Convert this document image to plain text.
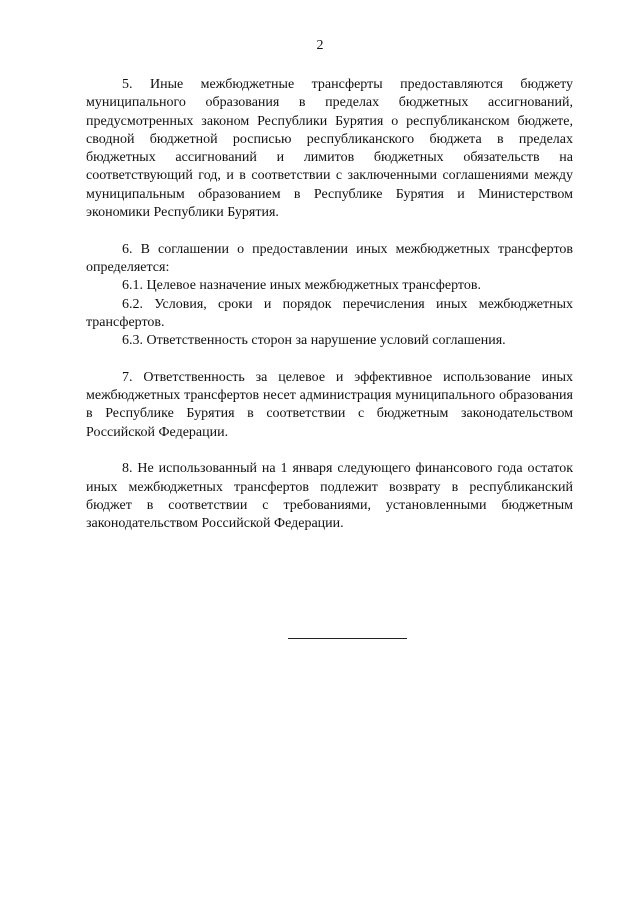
2

5. Иные межбюджетные трансферты предоставляются бюджету муниципального образования в пределах бюджетных ассигнований, предусмотренных законом Республики Бурятия о республиканском бюджете, сводной бюджетной росписью республиканского бюджета в пределах бюджетных ассигнований и лимитов бюджетных обязательств на соответствующий год, и в соответствии с заключенными соглашениями между муниципальным образованием в Республике Бурятия и Министерством экономики Республики Бурятия.

6. В соглашении о предоставлении иных межбюджетных трансфертов определяется:

6.1. Целевое назначение иных межбюджетных трансфертов.

6.2. Условия, сроки и порядок перечисления иных межбюджетных трансфертов.

6.3. Ответственность сторон за нарушение условий соглашения.

7. Ответственность за целевое и эффективное использование иных межбюджетных трансфертов несет администрация муниципального образования в Республике Бурятия в соответствии с бюджетным законодательством Российской Федерации.

8. Не использованный на 1 января следующего финансового года остаток иных межбюджетных трансфертов подлежит возврату в республиканский бюджет в соответствии с требованиями, установленными бюджетным законодательством Российской Федерации.
